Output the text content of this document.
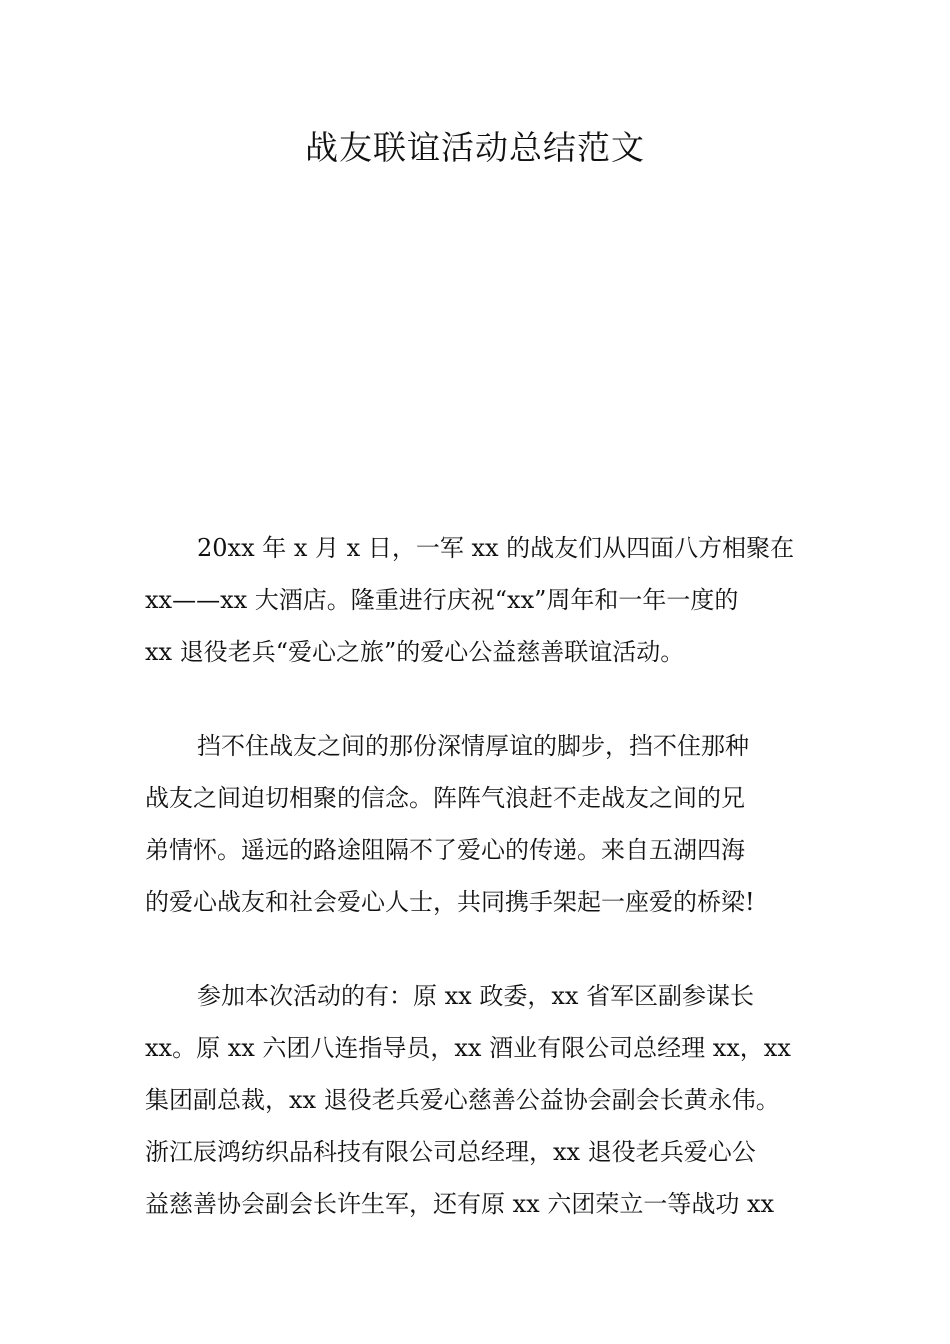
战友联谊活动总结范文
20xx 年 x 月 x 日，一军 xx 的战友们从四面八方相聚在
xx——xx 大酒店。隆重进行庆祝“xx”周年和一年一度的
xx 退役老兵“爱心之旅”的爱心公益慈善联谊活动。
挡不住战友之间的那份深情厚谊的脚步，挡不住那种
战友之间迫切相聚的信念。阵阵气浪赶不走战友之间的兄
弟情怀。遥远的路途阻隔不了爱心的传递。来自五湖四海
的爱心战友和社会爱心人士，共同携手架起一座爱的桥梁!
参加本次活动的有：原 xx 政委，xx 省军区副参谋长
xx。原 xx 六团八连指导员，xx 酒业有限公司总经理 xx，xx
集团副总裁，xx 退役老兵爱心慈善公益协会副会长黄永伟。
浙江辰鸿纺织品科技有限公司总经理，xx 退役老兵爱心公
益慈善协会副会长许生军，还有原 xx 六团荣立一等战功 xx
